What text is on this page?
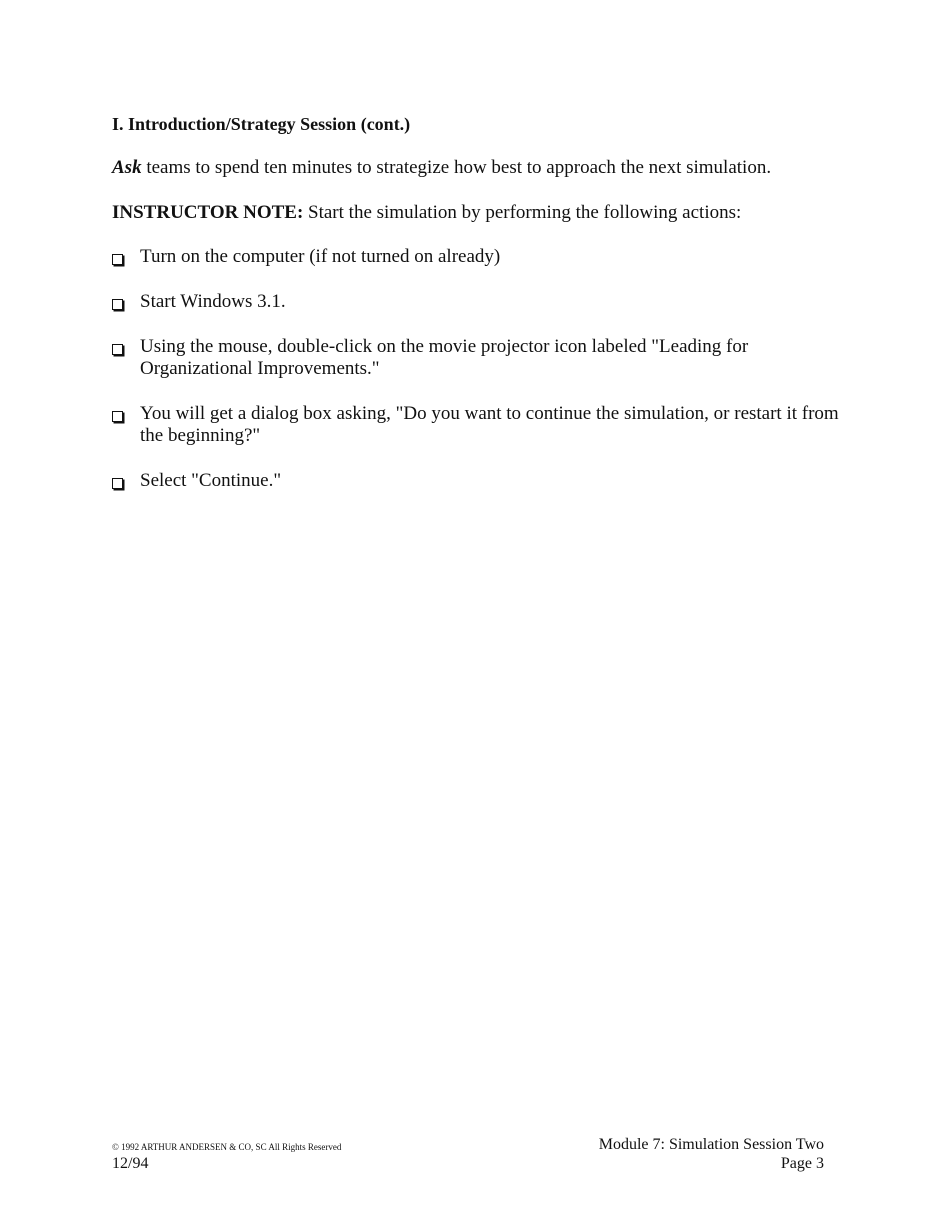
I. Introduction/Strategy Session (cont.)
Ask teams to spend ten minutes to strategize how best to approach the next simulation.
INSTRUCTOR NOTE: Start the simulation by performing the following actions:
Turn on the computer (if not turned on already)
Start Windows 3.1.
Using the mouse, double-click on the movie projector icon labeled "Leading for Organizational Improvements."
You will get a dialog box asking, "Do you want to continue the simulation, or restart it from the beginning?"
Select "Continue."
© 1992 ARTHUR ANDERSEN & CO, SC All Rights Reserved
12/94
Module 7: Simulation Session Two
Page 3
